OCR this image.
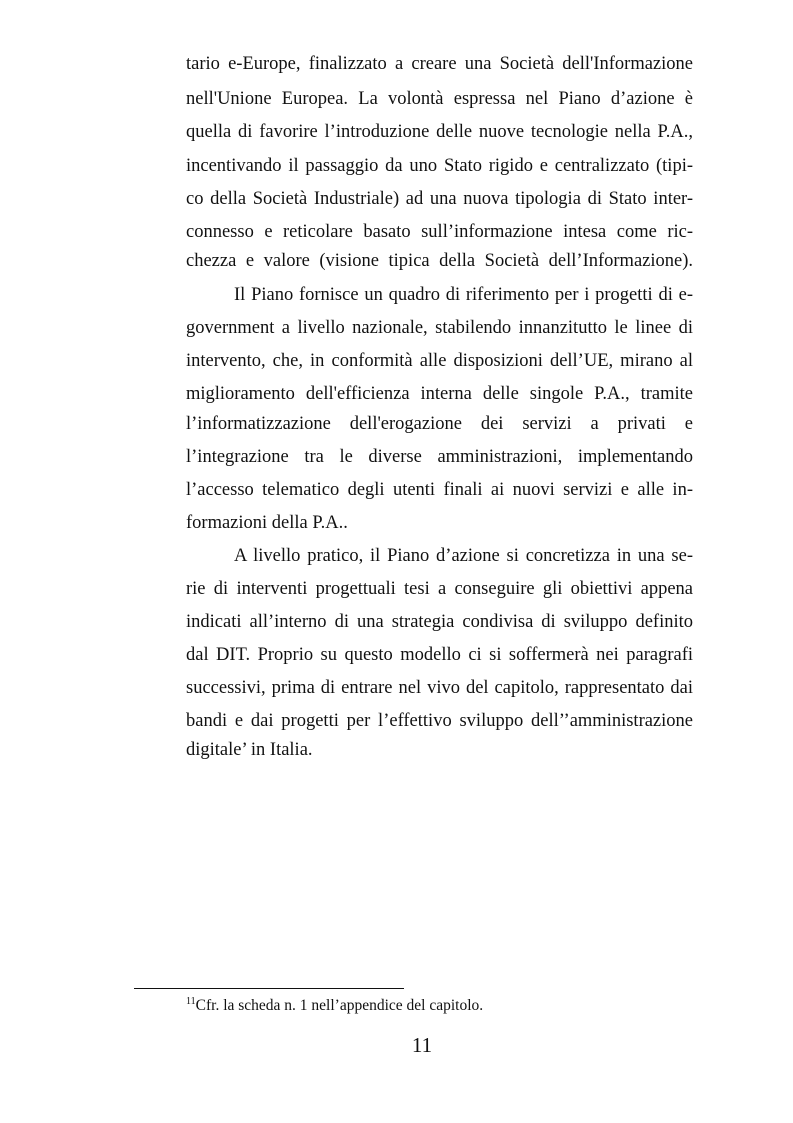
tario e-Europe, finalizzato a creare una Società dell'Informazione
nell'Unione Europea. La volontà espressa nel Piano d’azione è
quella di favorire l’introduzione delle nuove tecnologie nella P.A.,
incentivando il passaggio da uno Stato rigido e centralizzato (tipi-
co della Società Industriale) ad una nuova tipologia di Stato inter-
connesso e reticolare basato sull’informazione intesa come ric-
chezza e valore (visione tipica della Società dell’Informazione).
Il Piano fornisce un quadro di riferimento per i progetti di e-
government a livello nazionale, stabilendo innanzitutto le linee di
intervento, che, in conformità alle disposizioni dell’UE, mirano al
miglioramento dell'efficienza interna delle singole P.A., tramite
l’informatizzazione dell'erogazione dei servizi a privati e
l’integrazione tra le diverse amministrazioni, implementando
l’accesso telematico degli utenti finali ai nuovi servizi e alle in-
formazioni della P.A..
A livello pratico, il Piano d’azione si concretizza in una se-
rie di interventi progettuali tesi a conseguire gli obiettivi appena
indicati all’interno di una strategia condivisa di sviluppo definito
dal DIT. Proprio su questo modello ci si soffermerà nei paragrafi
successivi, prima di entrare nel vivo del capitolo, rappresentato dai
bandi e dai progetti per l’effettivo sviluppo dell’’amministrazione
digitale’ in Italia.
$^{11}$Cfr. la scheda n. 1 nell’appendice del capitolo.
11
